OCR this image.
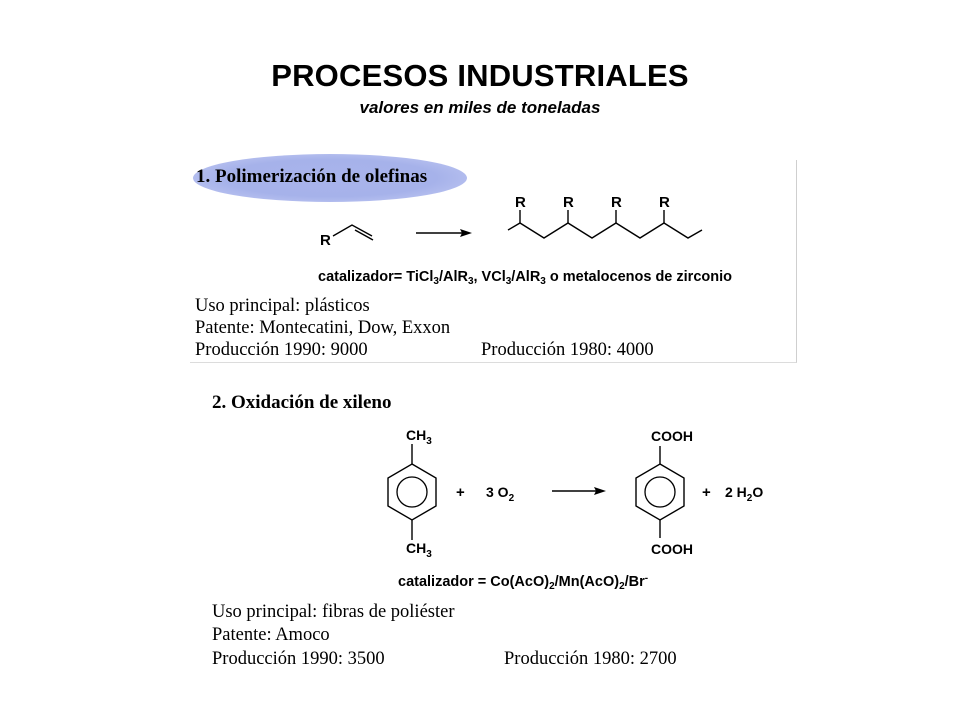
PROCESOS INDUSTRIALES
valores en miles de toneladas
1. Polimerización de olefinas
R
R R R R
catalizador= TiCl$_3$/AlR$_3$, VCl$_3$/AlR$_3$ o metalocenos de zirconio
Uso principal: plásticos
Patente: Montecatini, Dow, Exxon
Producción 1990: 9000	Producción 1980: 4000
2. Oxidación de xileno
$CH_3$
$CH_3$
+ 3 $O_2$
COOH
COOH
+ 2 $H_2O$
catalizador = $Co(AcO)_2/Mn(AcO)_2/Br^-$
Uso principal: fibras de poliéster
Patente: Amoco
Producción 1990: 3500	Producción 1980: 2700
